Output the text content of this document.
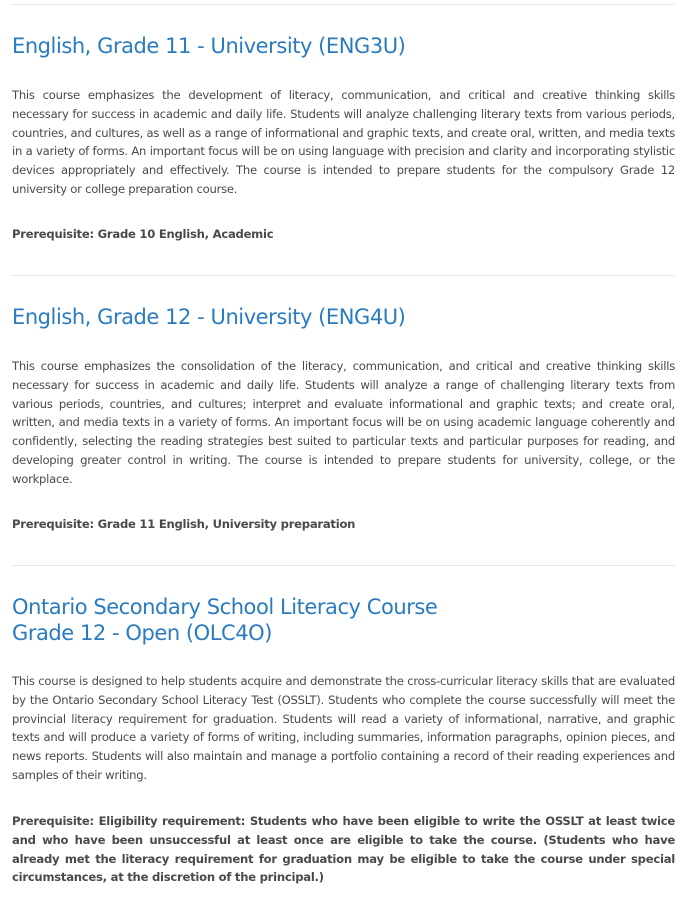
English, Grade 11 - University (ENG3U)

This course emphasizes the development of literacy, communication, and critical and creative thinking skills necessary for success in academic and daily life. Students will analyze challenging literary texts from various periods, countries, and cultures, as well as a range of informational and graphic texts, and create oral, written, and media texts in a variety of forms. An important focus will be on using language with precision and clarity and incorporating stylistic devices appropriately and effectively. The course is intended to prepare students for the compulsory Grade 12 university or college preparation course.

Prerequisite: Grade 10 English, Academic

English, Grade 12 - University (ENG4U)

This course emphasizes the consolidation of the literacy, communication, and critical and creative thinking skills necessary for success in academic and daily life. Students will analyze a range of challenging literary texts from various periods, countries, and cultures; interpret and evaluate informational and graphic texts; and create oral, written, and media texts in a variety of forms. An important focus will be on using academic language coherently and confidently, selecting the reading strategies best suited to particular texts and particular purposes for reading, and developing greater control in writing. The course is intended to prepare students for university, college, or the workplace.

Prerequisite: Grade 11 English, University preparation

Ontario Secondary School Literacy Course
Grade 12 - Open (OLC4O)

This course is designed to help students acquire and demonstrate the cross-curricular literacy skills that are evaluated by the Ontario Secondary School Literacy Test (OSSLT). Students who complete the course successfully will meet the provincial literacy requirement for graduation. Students will read a variety of informational, narrative, and graphic texts and will produce a variety of forms of writing, including summaries, information paragraphs, opinion pieces, and news reports. Students will also maintain and manage a portfolio containing a record of their reading experiences and samples of their writing.

Prerequisite: Eligibility requirement: Students who have been eligible to write the OSSLT at least twice and who have been unsuccessful at least once are eligible to take the course. (Students who have already met the literacy requirement for graduation may be eligible to take the course under special circumstances, at the discretion of the principal.)
